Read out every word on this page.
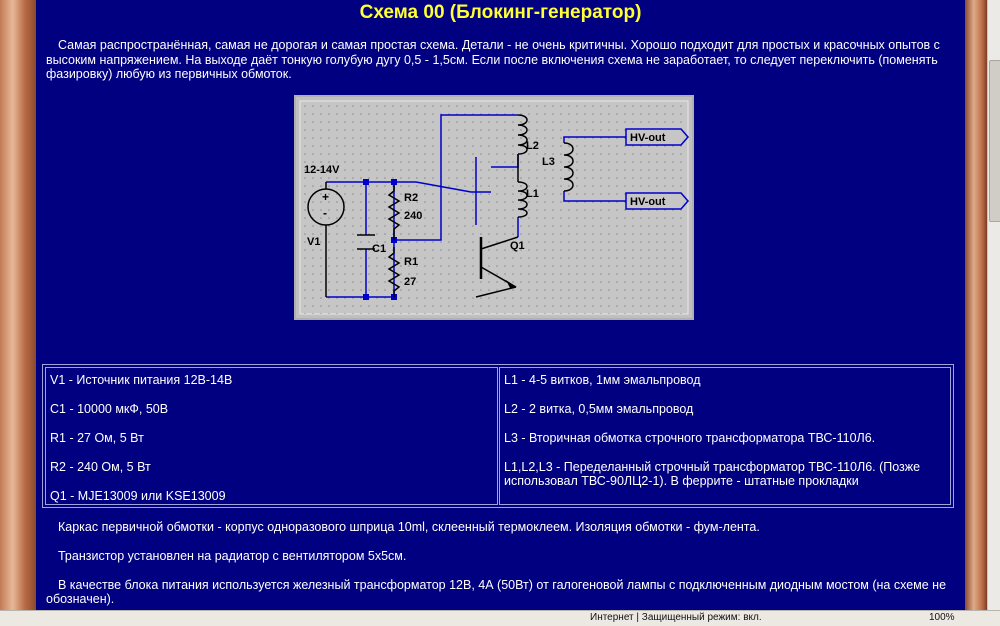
Схема 00 (Блокинг-генератор)
Самая распространённая, самая не дорогая и самая простая схема. Детали - не очень критичны. Хорошо подходит для простых и красочных опытов с высоким напряжением. На выходе даёт тонкую голубую дугу 0,5 - 1,5см. Если после включения схема не заработает, то следует переключить (поменять фазировку) любую из первичных обмоток.
12-14V
+
-
V1
C1
R2
240
R1
27
L2
L3
L1
Q1
HV-out
HV-out
V1 - Источник питания 12В-14В
C1 - 10000 мкФ, 50В
R1 - 27 Ом, 5 Вт
R2 - 240 Ом, 5 Вт
Q1 - MJE13009 или KSE13009
L1 - 4-5 витков, 1мм эмальпровод
L2 - 2 витка, 0,5мм эмальпровод
L3 - Вторичная обмотка строчного трансформатора ТВС-110Л6.
L1,L2,L3 - Переделанный строчный трансформатор ТВС-110Л6. (Позже использовал ТВС-90ЛЦ2-1). В феррите - штатные прокладки
Каркас первичной обмотки - корпус одноразового шприца 10ml, склеенный термоклеем. Изоляция обмотки - фум-лента.
Транзистор установлен на радиатор с вентилятором 5х5см.
В качестве блока питания используется железный трансформатор 12В, 4А (50Вт) от галогеновой лампы с подключенным диодным мостом (на схеме не обозначен).
Интернет | Защищенный режим: вкл.	100%
